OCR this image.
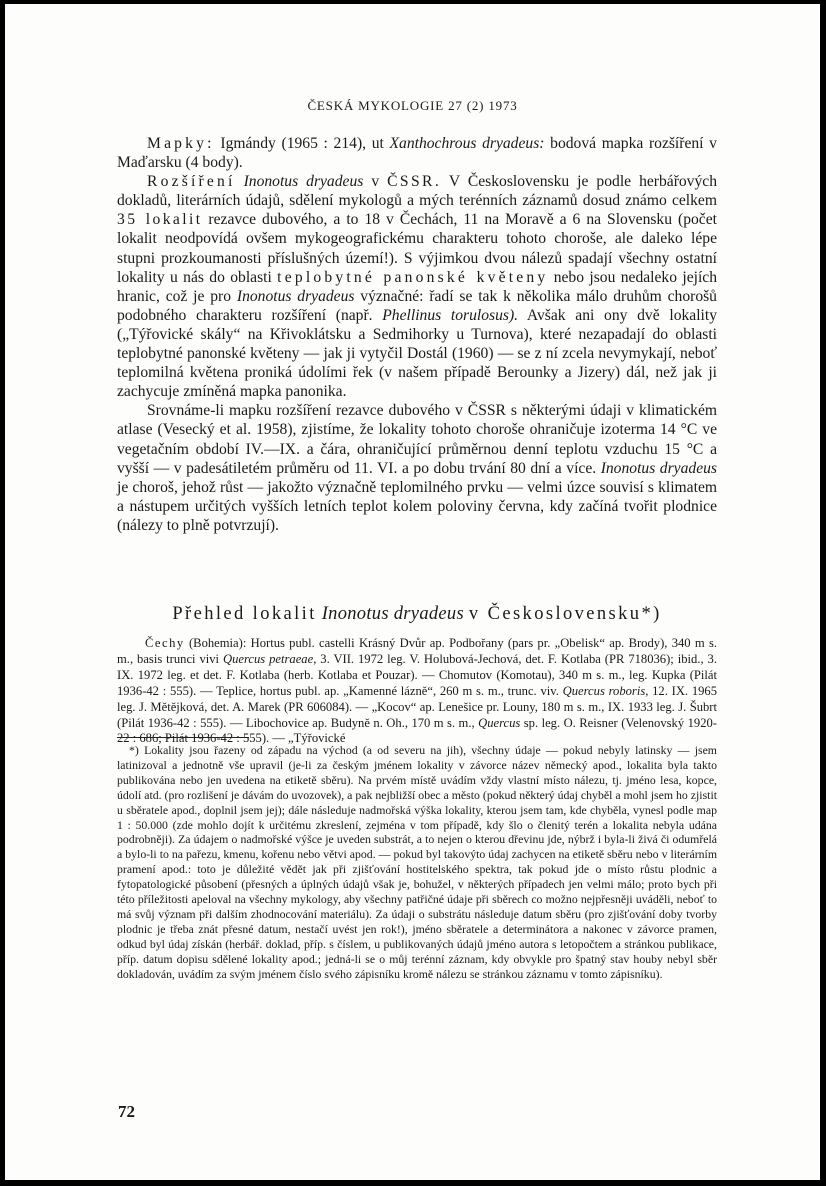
ČESKÁ MYKOLOGIE 27 (2) 1973

Mapky: Igmándy (1965 : 214), ut Xanthochrous dryadeus: bodová mapka rozšíření v Maďarsku (4 body).

Rozšíření Inonotus dryadeus v ČSSR. V Československu je podle herbářových dokladů, literárních údajů, sdělení mykologů a mých terénních záznamů dosud známo celkem 35 lokalit rezavce dubového, a to 18 v Čechách, 11 na Moravě a 6 na Slovensku (počet lokalit neodpovídá ovšem mykogeografickému charakteru tohoto choroše, ale daleko lépe stupni prozkoumanosti příslušných území!). S výjimkou dvou nálezů spadají všechny ostatní lokality u nás do oblasti teplobytné panonské květeny nebo jsou nedaleko jejích hranic, což je pro Inonotus dryadeus význačné: řadí se tak k několika málo druhům chorošů podobného charakteru rozšíření (např. Phellinus torulosus). Avšak ani ony dvě lokality („Týřovické skály“ na Křivoklátsku a Sedmihorky u Turnova), které nezapadají do oblasti teplobytné panonské květeny — jak ji vytyčil Dostál (1960) — se z ní zcela nevymykají, neboť teplomilná květena proniká údolími řek (v našem případě Berounky a Jizery) dál, než jak ji zachycuje zmíněná mapka panonika.

Srovnáme-li mapku rozšíření rezavce dubového v ČSSR s některými údaji v klimatickém atlase (Vesecký et al. 1958), zjistíme, že lokality tohoto choroše ohraničuje izoterma 14 °C ve vegetačním období IV.—IX. a čára, ohraničující průměrnou denní teplotu vzduchu 15 °C a vyšší — v padesátiletém průměru od 11. VI. a po dobu trvání 80 dní a více. Inonotus dryadeus je choroš, jehož růst — jakožto význačně teplomilného prvku — velmi úzce souvisí s klimatem a nástupem určitých vyšších letních teplot kolem poloviny června, kdy začíná tvořit plodnice (nálezy to plně potvrzují).

Přehled lokalit Inonotus dryadeus v Československu*)
Čechy (Bohemia): Hortus publ. castelli Krásný Dvůr ap. Podbořany (pars pr. „Obelisk“ ap. Brody), 340 m s. m., basis trunci vivi Quercus petraeae, 3. VII. 1972 leg. V. Holubová-Jechová, det. F. Kotlaba (PR 718036); ibid., 3. IX. 1972 leg. et det. F. Kotlaba (herb. Kotlaba et Pouzar). — Chomutov (Komotau), 340 m s. m., leg. Kupka (Pilát 1936-42 : 555). — Teplice, hortus publ. ap. „Kamenné lázně“, 260 m s. m., trunc. viv. Quercus roboris, 12. IX. 1965 leg. J. Mětějková, det. A. Marek (PR 606084). — „Kocov“ ap. Lenešice pr. Louny, 180 m s. m., IX. 1933 leg. J. Šubrt (Pilát 1936-42 : 555). — Libochovice ap. Budyně n. Oh., 170 m s. m., Quercus sp. leg. O. Reisner (Velenovský 1920-22 : 686; Pilát 1936-42 : 555). — „Týřovické

*) Lokality jsou řazeny od západu na východ (a od severu na jih), všechny údaje — pokud nebyly latinsky — jsem latinizoval a jednotně vše upravil (je-li za českým jménem lokality v závorce název německý apod., lokalita byla takto publikována nebo jen uvedena na etiketě sběru). Na prvém místě uvádím vždy vlastní místo nálezu, tj. jméno lesa, kopce, údolí atd. (pro rozlišení je dávám do uvozovek), a pak nejbližší obec a město (pokud některý údaj chyběl a mohl jsem ho zjistit u sběratele apod., doplnil jsem jej); dále následuje nadmořská výška lokality, kterou jsem tam, kde chyběla, vynesl podle map 1 : 50.000 (zde mohlo dojít k určitému zkreslení, zejména v tom případě, kdy šlo o členitý terén a lokalita nebyla udána podrobněji). Za údajem o nadmořské výšce je uveden substrát, a to nejen o kterou dřevinu jde, nýbrž i byla-li živá či odumřelá a bylo-li to na pařezu, kmenu, kořenu nebo větvi apod. — pokud byl takovýto údaj zachycen na etiketě sběru nebo v literárním pramení apod.: toto je důležité vědět jak při zjišťování hostitelského spektra, tak pokud jde o místo růstu plodnic a fytopatologické působení (přesných a úplných údajů však je, bohužel, v některých případech jen velmi málo; proto bych při této příležitosti apeloval na všechny mykology, aby všechny patřičné údaje při sběrech co možno nejpřesněji uváděli, neboť to má svůj význam při dalším zhodnocování materiálu). Za údaji o substrátu následuje datum sběru (pro zjišťování doby tvorby plodnic je třeba znát přesné datum, nestačí uvést jen rok!), jméno sběratele a determinátora a nakonec v závorce pramen, odkud byl údaj získán (herbář. doklad, příp. s číslem, u publikovaných údajů jméno autora s letopočtem a stránkou publikace, příp. datum dopisu sdělené lokality apod.; jedná-li se o můj terénní záznam, kdy obvykle pro špatný stav houby nebyl sběr dokladován, uvádím za svým jménem číslo svého zápisníku kromě nálezu se stránkou záznamu v tomto zápisníku).

72
